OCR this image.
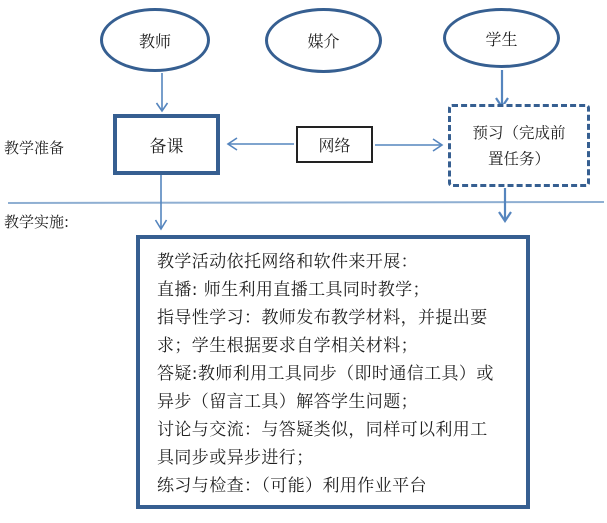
教师	媒介	学生
教学准备	备课	网络
预习（完成前
置任务）
教学实施:
教学活动依托网络和软件来开展：
直播: 师生利用直播工具同时教学；
指导性学习：教师发布教学材料，并提出要
求；学生根据要求自学相关材料；
答疑:教师利用工具同步（即时通信工具）或
异步（留言工具）解答学生问题；
讨论与交流：与答疑类似，同样可以利用工
具同步或异步进行；
练习与检查：（可能）利用作业平台
